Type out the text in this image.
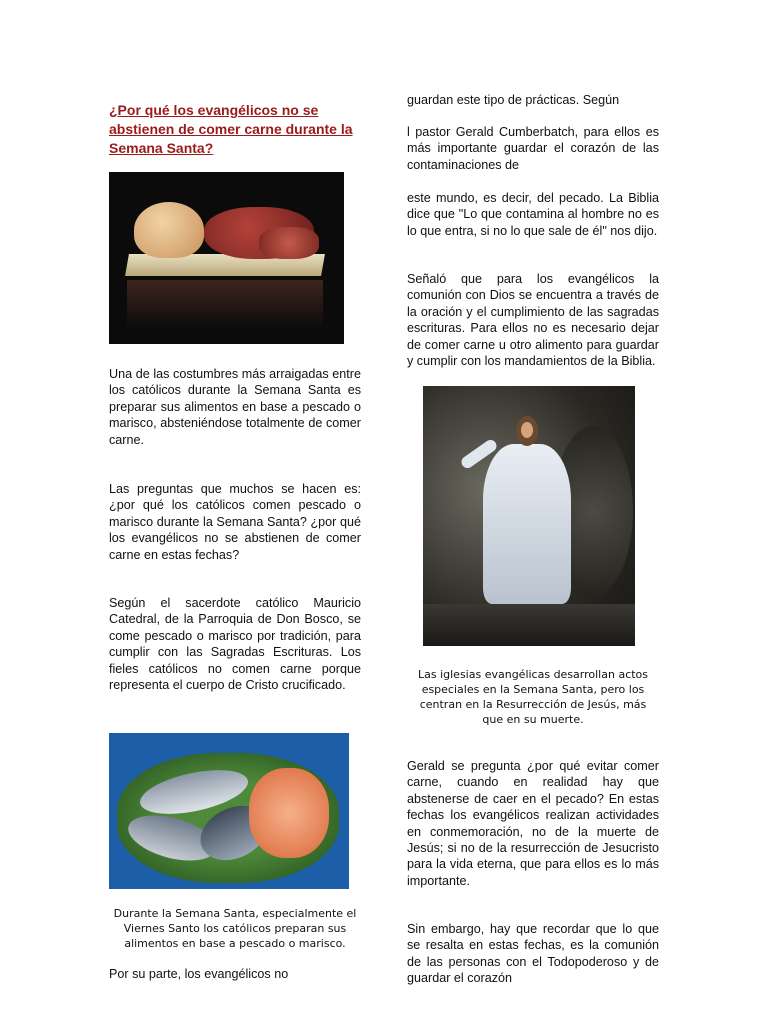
¿Por qué los evangélicos no se abstienen de comer carne durante la Semana Santa?

Una de las costumbres más arraigadas entre los católicos durante la Semana Santa es preparar sus alimentos en base a pescado o marisco, absteniéndose totalmente de comer carne.

Las preguntas que muchos se hacen es: ¿por qué los católicos comen pescado o marisco durante la Semana Santa? ¿por qué los evangélicos no se abstienen de comer carne en estas fechas?

Según el sacerdote católico Mauricio Catedral, de la Parroquia de Don Bosco, se come pescado o marisco por tradición, para cumplir con las Sagradas Escrituras. Los fieles católicos no comen carne porque representa el cuerpo de Cristo crucificado.

Durante la Semana Santa, especialmente el Viernes Santo los católicos preparan sus alimentos en base a pescado o marisco.

Por su parte, los evangélicos no

guardan este tipo de prácticas. Según

l pastor Gerald Cumberbatch, para ellos es más importante guardar el corazón de las contaminaciones de

este mundo, es decir, del pecado. La Biblia dice que "Lo que contamina al hombre no es lo que entra, si no lo que sale de él" nos dijo.

Señaló que para los evangélicos la comunión con Dios se encuentra a través de la oración y el cumplimiento de las sagradas escrituras. Para ellos no es necesario dejar de comer carne u otro alimento para guardar y cumplir con los mandamientos de la Biblia.

Las iglesias evangélicas desarrollan actos especiales en la Semana Santa, pero los centran en la Resurrección de Jesús, más que en su muerte.

Gerald se pregunta ¿por qué evitar comer carne, cuando en realidad hay que abstenerse de caer en el pecado? En estas fechas los evangélicos realizan actividades en conmemoración, no de la muerte de Jesús; si no de la resurrección de Jesucristo para la vida eterna, que para ellos es lo más importante.

Sin embargo, hay que recordar que lo que se resalta en estas fechas, es la comunión de las personas con el Todopoderoso y de guardar el corazón
